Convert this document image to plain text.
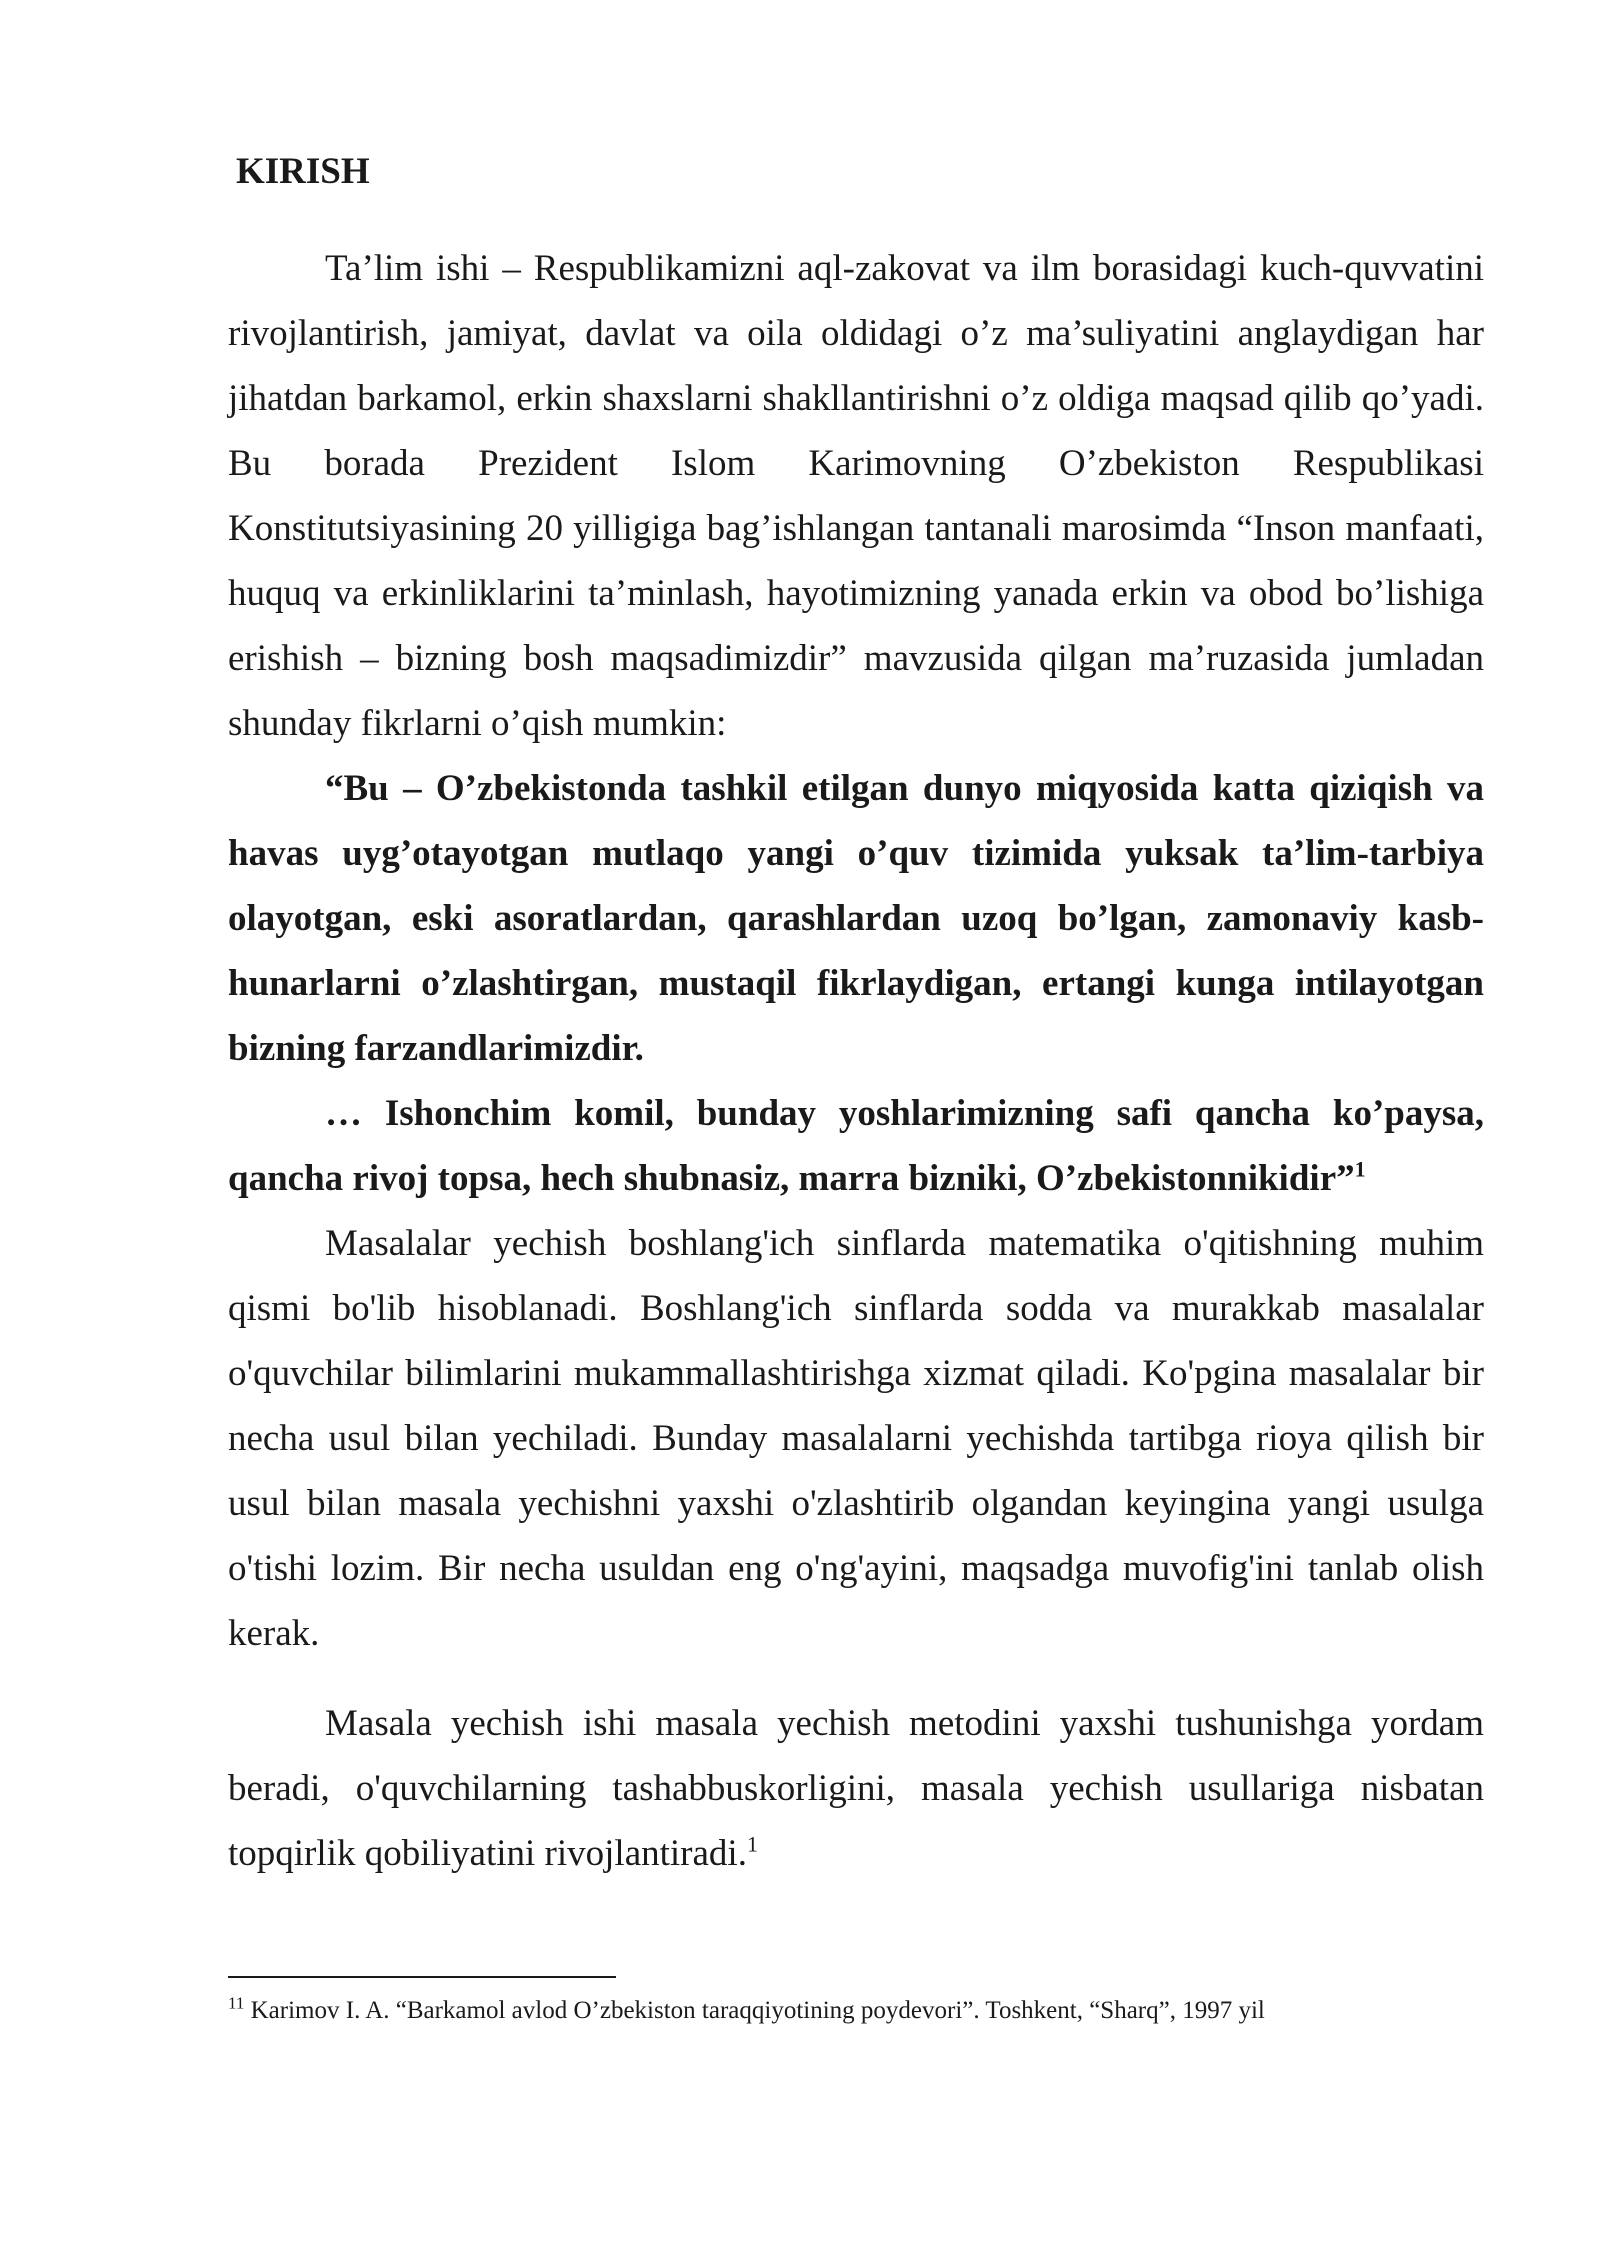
KIRISH

Ta’lim ishi – Respublikamizni aql-zakovat va ilm borasidagi kuch-quvvatini rivojlantirish, jamiyat, davlat va oila oldidagi o’z ma’suliyatini anglaydigan har jihatdan barkamol, erkin shaxslarni shakllantirishni o’z oldiga maqsad qilib qo’yadi. Bu borada Prezident Islom Karimovning O’zbekiston Respublikasi Konstitutsiyasining 20 yilligiga bag’ishlangan tantanali marosimda “Inson manfaati, huquq va erkinliklarini ta’minlash, hayotimizning yanada erkin va obod bo’lishiga erishish – bizning bosh maqsadimizdir” mavzusida qilgan ma’ruzasida jumladan shunday fikrlarni o’qish mumkin:

“Bu – O’zbekistonda tashkil etilgan dunyo miqyosida katta qiziqish va havas uyg’otayotgan mutlaqo yangi o’quv tizimida yuksak ta’lim-tarbiya olayotgan, eski asoratlardan, qarashlardan uzoq bo’lgan, zamonaviy kasb-hunarlarni o’zlashtirgan, mustaqil fikrlaydigan, ertangi kunga intilayotgan bizning farzandlarimizdir.

… Ishonchim komil, bunday yoshlarimizning safi qancha ko’paysa, qancha rivoj topsa, hech shubnasiz, marra bizniki, O’zbekistonnikidir”$^1$

Masalalar yechish boshlang'ich sinflarda matematika o'qitishning muhim qismi bo'lib hisoblanadi. Boshlang'ich sinflarda sodda va murakkab masalalar o'quvchilar bilimlarini mukammallashtirishga xizmat qiladi. Ko'pgina masalalar bir necha usul bilan yechiladi. Bunday masalalarni yechishda tartibga rioya qilish bir usul bilan masala yechishni yaxshi o'zlashtirib olgandan keyingina yangi usulga o'tishi lozim. Bir necha usuldan eng o'ng'ayini, maqsadga muvofig'ini tanlab olish kerak.

Masala yechish ishi masala yechish metodini yaxshi tushunishga yordam beradi, o'quvchilarning tashabbuskorligini, masala yechish usullariga nisbatan topqirlik qobiliyatini rivojlantiradi.$^1$

$^{11}$ Karimov I. A. “Barkamol avlod O’zbekiston taraqqiyotining poydevori”. Toshkent, “Sharq”, 1997 yil
